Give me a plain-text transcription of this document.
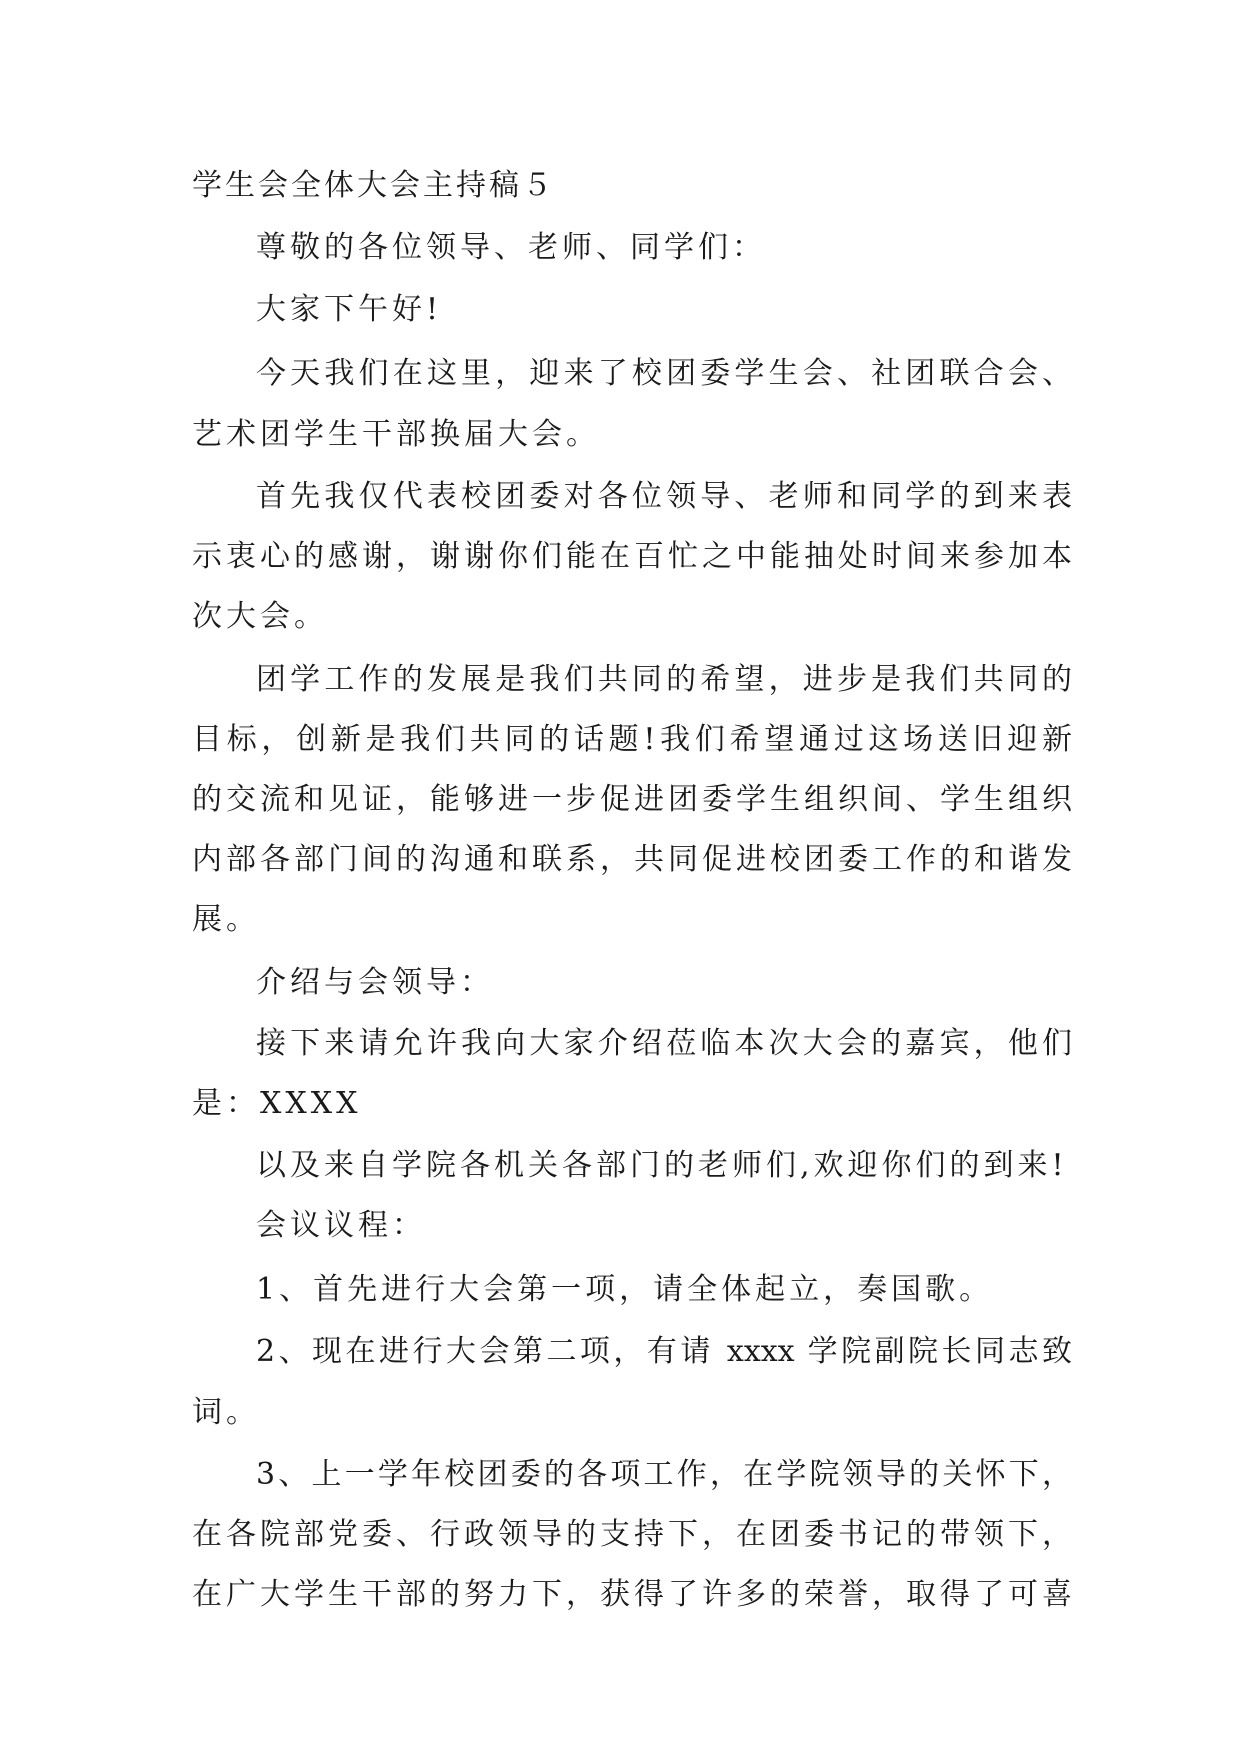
学生会全体大会主持稿５
尊敬的各位领导、老师、同学们：
大家下午好!
今天我们在这里，迎来了校团委学生会、社团联合会、
艺术团学生干部换届大会。
首先我仅代表校团委对各位领导、老师和同学的到来表
示衷心的感谢，谢谢你们能在百忙之中能抽处时间来参加本
次大会。
团学工作的发展是我们共同的希望，进步是我们共同的
目标，创新是我们共同的话题!我们希望通过这场送旧迎新
的交流和见证，能够进一步促进团委学生组织间、学生组织
内部各部门间的沟通和联系，共同促进校团委工作的和谐发
展。
介绍与会领导：
接下来请允许我向大家介绍莅临本次大会的嘉宾，他们
是：XXXX
以及来自学院各机关各部门的老师们,欢迎你们的到来!
会议议程：
1、首先进行大会第一项，请全体起立，奏国歌。
2、现在进行大会第二项，有请 xxxx 学院副院长同志致
词。
3、上一学年校团委的各项工作，在学院领导的关怀下，
在各院部党委、行政领导的支持下，在团委书记的带领下，
在广大学生干部的努力下，获得了许多的荣誉，取得了可喜
